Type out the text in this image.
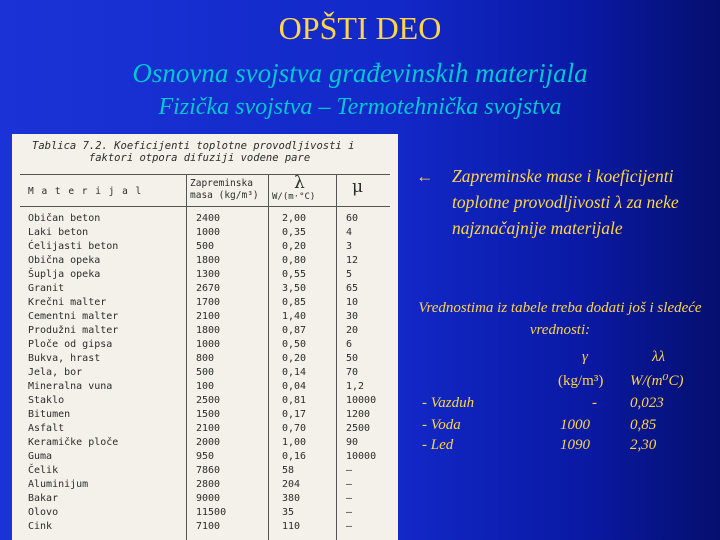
OPŠTI DEO
Osnovna svojstva građevinskih materijala
Fizička svojstva – Termotehnička svojstva
Tablica 7.2. Koeficijenti toplotne provodljivosti i
faktori otpora difuziji vodene pare
M a t e r i j a l
Zapreminska
masa (kg/m³)
λ
W/(m·°C) μ
Običan beton	2400	2,00	60
Laki beton	1000	0,35	4
Ćelijasti beton	500	0,20	3
Obična opeka	1800	0,80	12
Šuplja opeka	1300	0,55	5
Granit	2670	3,50	65
Krečni malter	1700	0,85	10
Cementni malter	2100	1,40	30
Produžni malter	1800	0,87	20
Ploče od gipsa	1000	0,50	6
Bukva, hrast	800	0,20	50
Jela, bor	500	0,14	70
Mineralna vuna	100	0,04	1,2
Staklo	2500	0,81	10000
Bitumen	1500	0,17	1200
Asfalt	2100	0,70	2500
Keramičke ploče	2000	1,00	90
Guma	950	0,16	10000
Čelik	7860	58	–
Aluminijum	2800	204	–
Bakar	9000	380	–
Olovo	11500	35	–
Cink	7100	110	–
←	Zapreminske mase i koeficijenti toplotne provodljivosti λ za neke najznačajnije materijale
Vrednostima iz tabele treba dodati još i sledeće vrednosti:
γ	λλ
(kg/m³) W/(m⁰C)
- Vazduh	- 0,023
- Voda	1000	0,85
- Led	1090	2,30
